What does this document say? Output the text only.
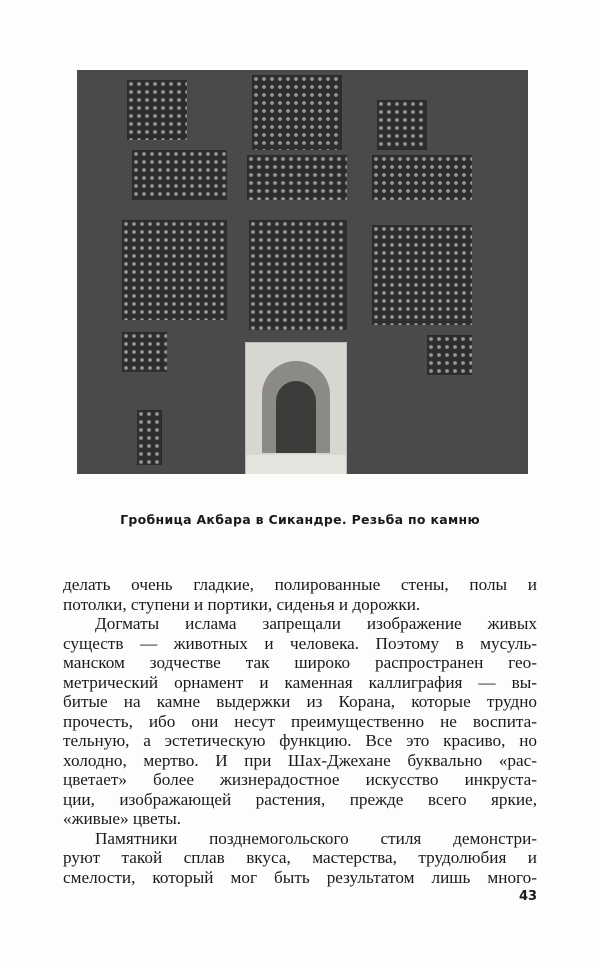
Гробница Акбара в Сикандре. Резьба по камню
делать очень гладкие, полированные стены, полы и
потолки, ступени и портики, сиденья и дорожки.
Догматы ислама запрещали изображение живых
существ — животных и человека. Поэтому в мусуль-
манском зодчестве так широко распространен гео-
метрический орнамент и каменная каллиграфия — вы-
битые на камне выдержки из Корана, которые трудно
прочесть, ибо они несут преимущественно не воспита-
тельную, а эстетическую функцию. Все это красиво, но
холодно, мертво. И при Шах-Джехане буквально «рас-
цветает» более жизнерадостное искусство инкруста-
ции, изображающей растения, прежде всего яркие,
«живые» цветы.
Памятники позднемогольского стиля демонстри-
руют такой сплав вкуса, мастерства, трудолюбия и
смелости, который мог быть результатом лишь много-
43
